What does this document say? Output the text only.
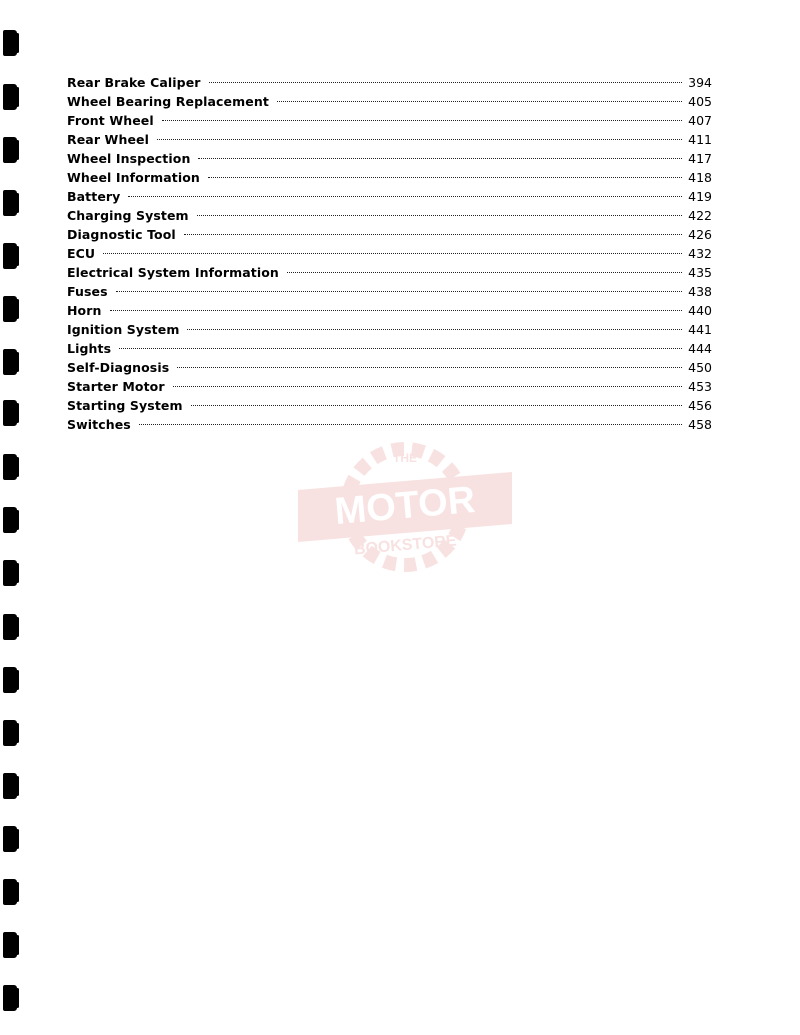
THE
MOTOR
BOOKSTORE
Rear Brake Caliper	394
Wheel Bearing Replacement	405
Front Wheel	407
Rear Wheel	411
Wheel Inspection	417
Wheel Information	418
Battery	419
Charging System	422
Diagnostic Tool	426
ECU	432
Electrical System Information	435
Fuses	438
Horn	440
Ignition System	441
Lights	444
Self-Diagnosis	450
Starter Motor	453
Starting System	456
Switches	458
